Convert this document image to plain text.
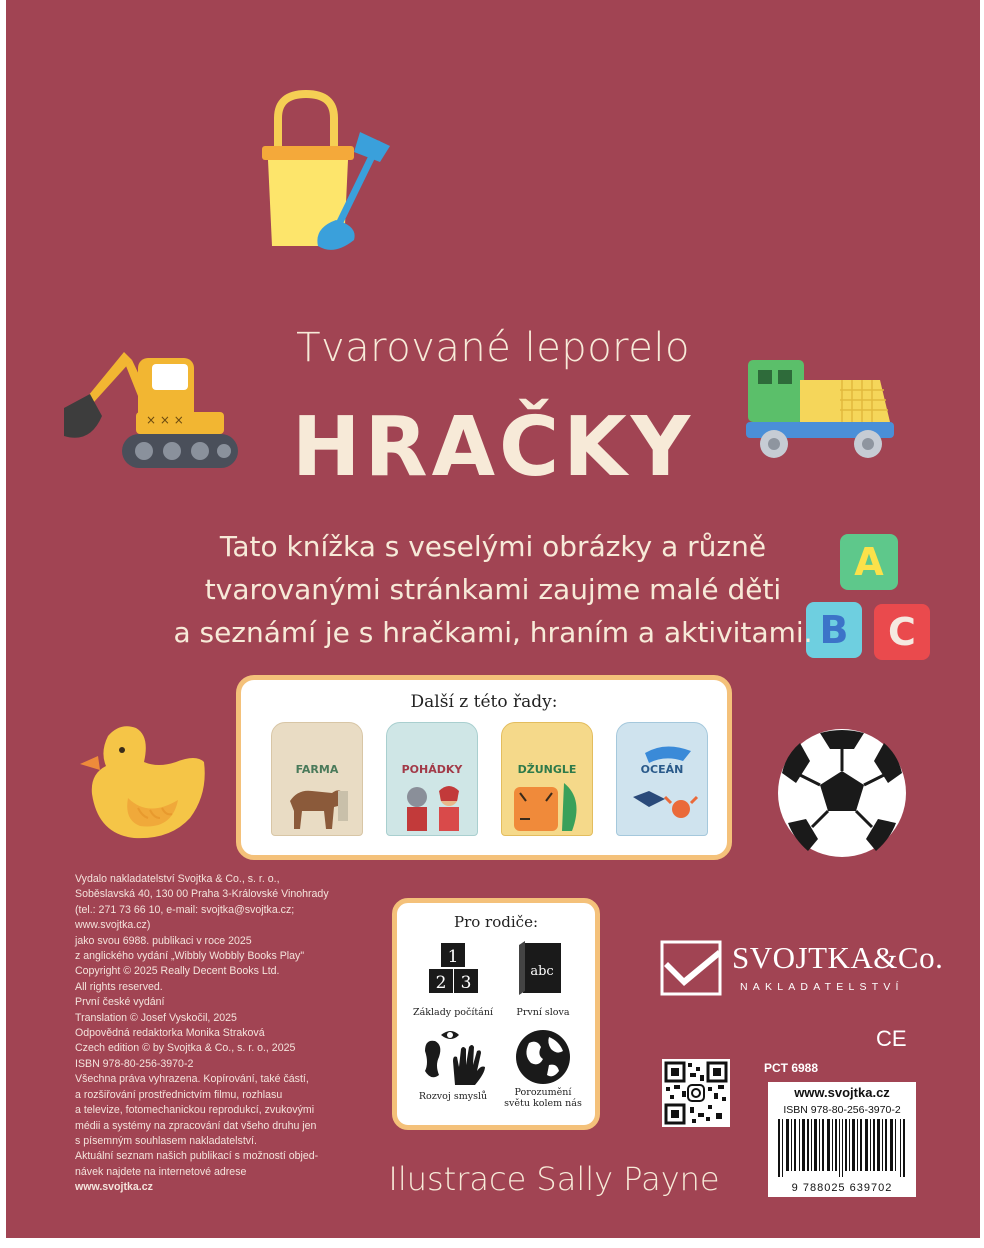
× × ×
A
B	C
Tvarované leporelo
HRAČKY
Tato knížka s veselými obrázky a různě
tvarovanými stránkami zaujme malé děti
a seznámí je s hračkami, hraním a aktivitami.
Další z této řady:
FARMA	POHÁDKY	DŽUNGLE	OCEÁN
Vydalo nakladatelství Svojtka & Co., s. r. o.,
Soběslavská 40, 130 00 Praha 3-Královské Vinohrady
(tel.: 271 73 66 10, e-mail: svojtka@svojtka.cz;
www.svojtka.cz)
jako svou 6988. publikaci v roce 2025
z anglického vydání „Wibbly Wobbly Books Play"
Copyright © 2025 Really Decent Books Ltd.
All rights reserved.
První české vydání
Translation © Josef Vyskočil, 2025
Odpovědná redaktorka Monika Straková
Czech edition © by Svojtka & Co., s. r. o., 2025
ISBN 978-80-256-3970-2
Všechna práva vyhrazena. Kopírování, také částí,
a rozšiřování prostřednictvím filmu, rozhlasu
a televize, fotomechanickou reprodukcí, zvukovými
médii a systémy na zpracování dat všeho druhu jen
s písemným souhlasem nakladatelství.
Aktuální seznam našich publikací s možností objed-
návek najdete na internetové adrese
www.svojtka.cz
Pro rodiče:
1
2 3
Základy počítání
abc
První slova
Rozvoj smyslů	Porozumění světu kolem nás
Ilustrace Sally Payne
SVOJTKA&Co.
NAKLADATELSTVÍ
CE
PCT 6988
www.svojtka.cz
ISBN 978-80-256-3970-2
9 788025 639702
